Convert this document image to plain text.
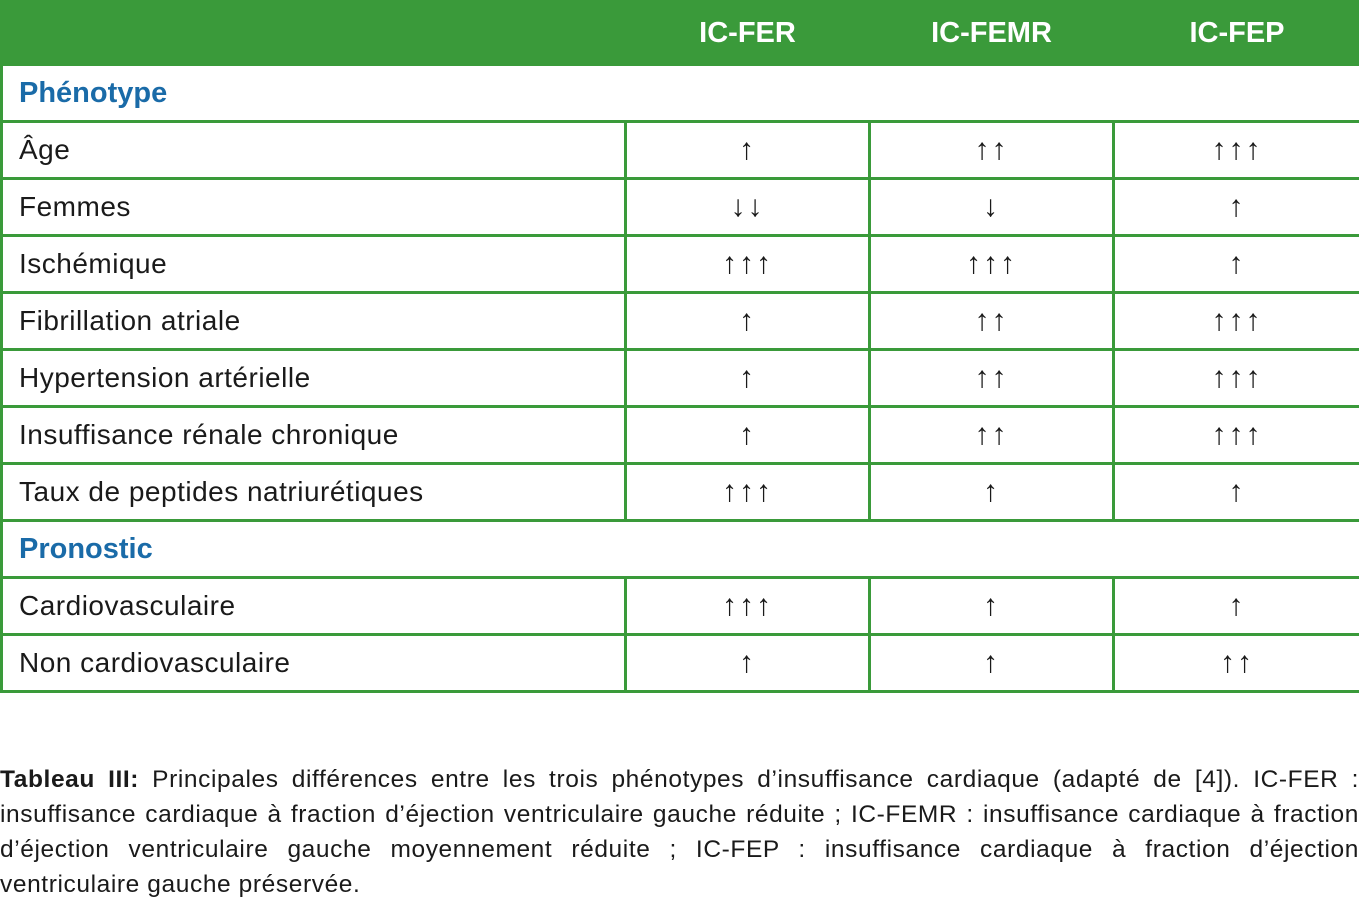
	IC-FER	IC-FEMR	IC-FEP
Phénotype			
Âge	↑	↑↑	↑↑↑
Femmes	↓↓	↓	↑
Ischémique	↑↑↑	↑↑↑	↑
Fibrillation atriale	↑	↑↑	↑↑↑
Hypertension artérielle	↑	↑↑	↑↑↑
Insuffisance rénale chronique	↑	↑↑	↑↑↑
Taux de peptides natriurétiques	↑↑↑	↑	↑
Pronostic			
Cardiovasculaire	↑↑↑	↑	↑
Non cardiovasculaire	↑	↑	↑↑
Tableau III: Principales différences entre les trois phénotypes d’insuffisance cardiaque (adapté de [4]). IC-FER : insuffisance cardiaque à fraction d’éjection ventriculaire gauche réduite ; IC-FEMR : insuffisance cardiaque à fraction d’éjection ventriculaire gauche moyennement réduite ; IC-FEP : insuffisance cardiaque à fraction d’éjection ventriculaire gauche préservée.
